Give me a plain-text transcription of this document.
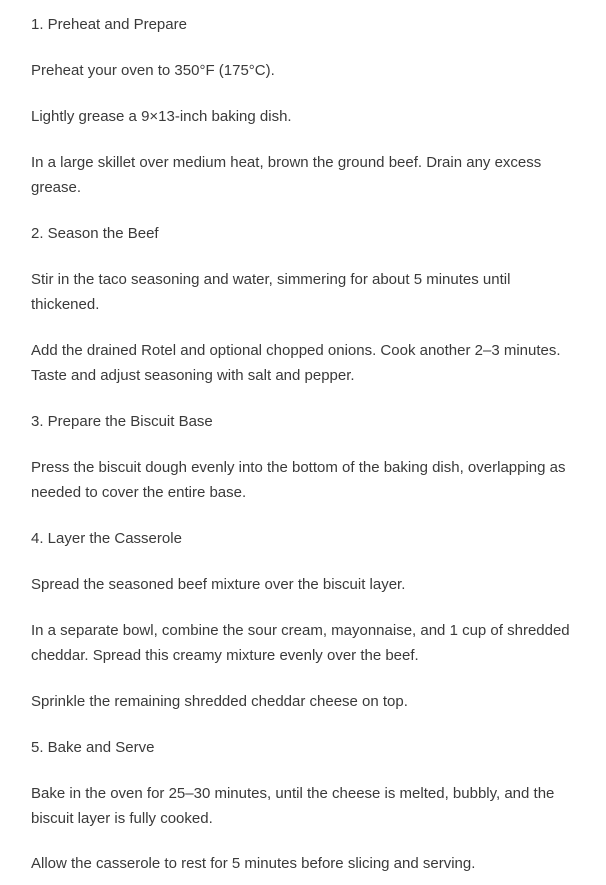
1. Preheat and Prepare

Preheat your oven to 350°F (175°C).

Lightly grease a 9×13-inch baking dish.

In a large skillet over medium heat, brown the ground beef. Drain any excess grease.

2. Season the Beef

Stir in the taco seasoning and water, simmering for about 5 minutes until thickened.

Add the drained Rotel and optional chopped onions. Cook another 2–3 minutes. Taste and adjust seasoning with salt and pepper.

3. Prepare the Biscuit Base

Press the biscuit dough evenly into the bottom of the baking dish, overlapping as needed to cover the entire base.

4. Layer the Casserole

Spread the seasoned beef mixture over the biscuit layer.

In a separate bowl, combine the sour cream, mayonnaise, and 1 cup of shredded cheddar. Spread this creamy mixture evenly over the beef.

Sprinkle the remaining shredded cheddar cheese on top.

5. Bake and Serve

Bake in the oven for 25–30 minutes, until the cheese is melted, bubbly, and the biscuit layer is fully cooked.

Allow the casserole to rest for 5 minutes before slicing and serving.
